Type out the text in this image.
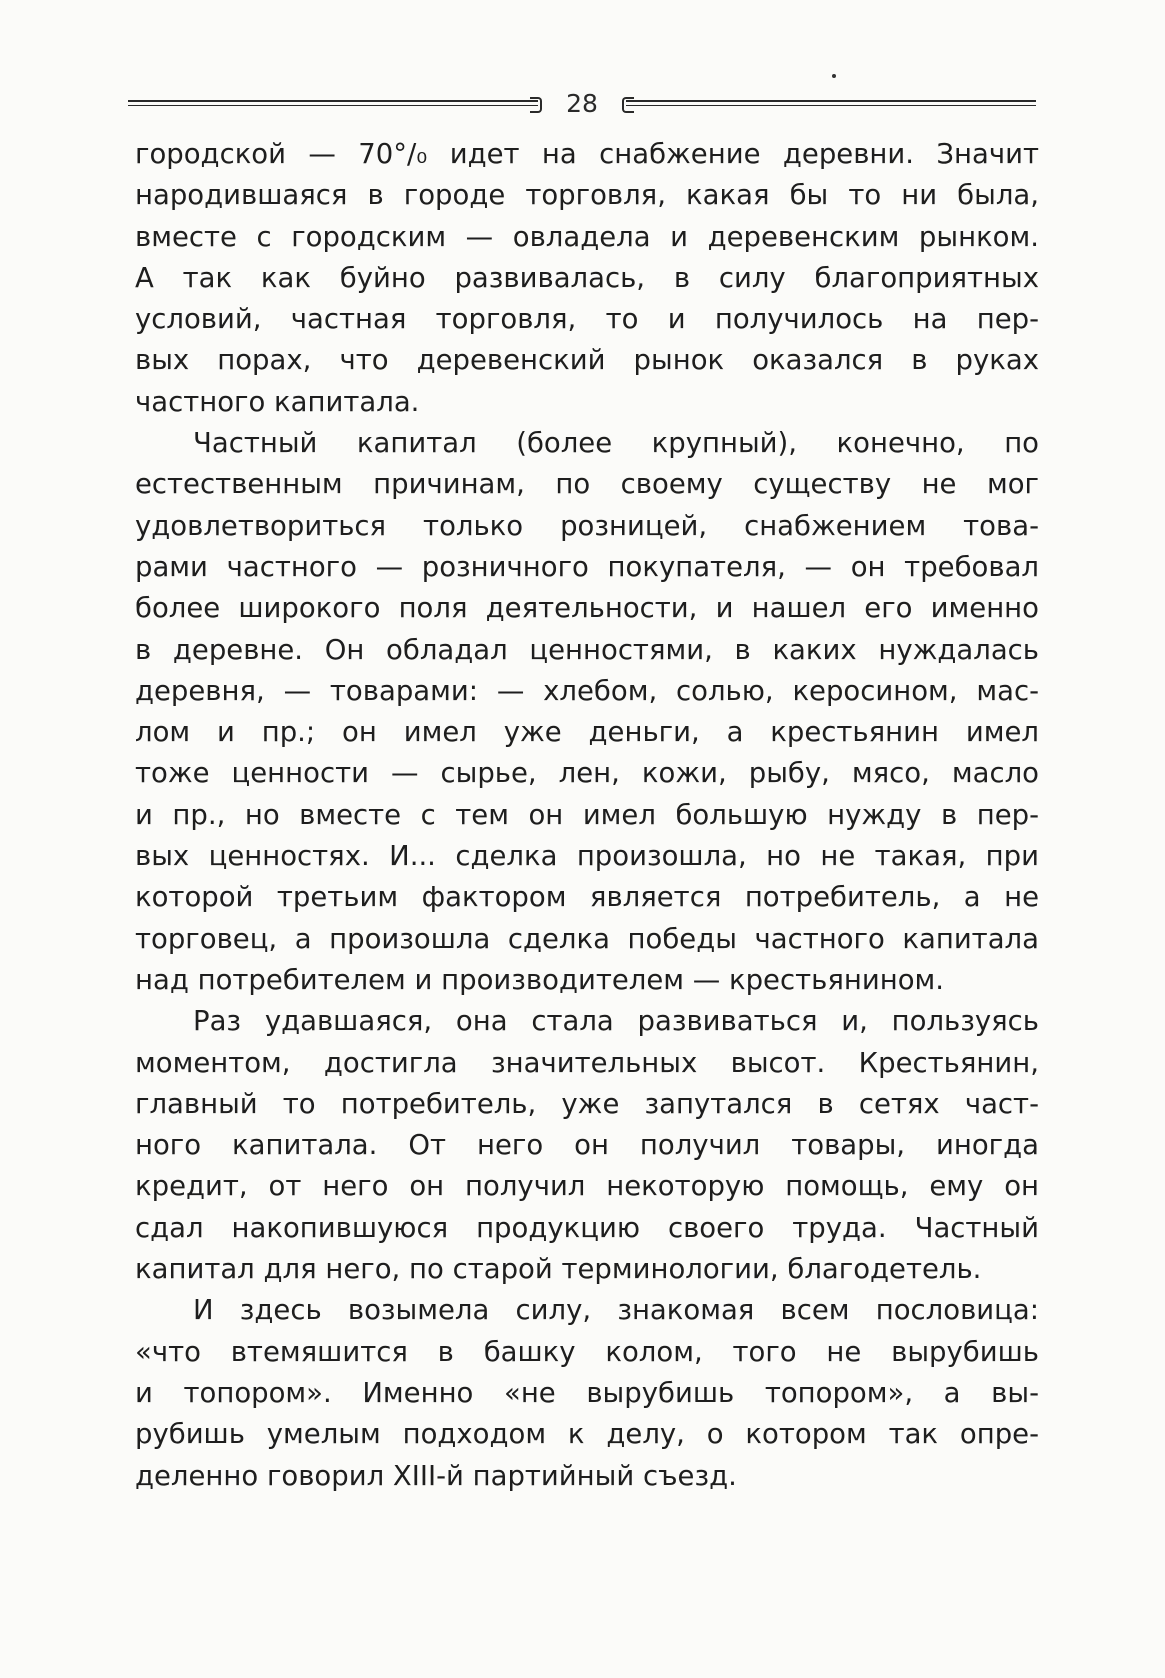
28
городской — 70°/₀ идет на снабжение деревни. Значит
народившаяся в городе торговля, какая бы то ни была,
вместе с городским — овладела и деревенским рынком.
А так как буйно развивалась, в силу благоприятных
условий, частная торговля, то и получилось на пер-
вых порах, что деревенский рынок оказался в руках
частного капитала.
Частный капитал (более крупный), конечно, по
естественным причинам, по своему существу не мог
удовлетвориться только розницей, снабжением това-
рами частного — розничного покупателя, — он требовал
более широкого поля деятельности, и нашел его именно
в деревне. Он обладал ценностями, в каких нуждалась
деревня, — товарами: — хлебом, солью, керосином, мас-
лом и пр.; он имел уже деньги, а крестьянин имел
тоже ценности — сырье, лен, кожи, рыбу, мясо, масло
и пр., но вместе с тем он имел большую нужду в пер-
вых ценностях. И... сделка произошла, но не такая, при
которой третьим фактором является потребитель, а не
торговец, а произошла сделка победы частного капитала
над потребителем и производителем — крестьянином.
Раз удавшаяся, она стала развиваться и, пользуясь
моментом, достигла значительных высот. Крестьянин,
главный то потребитель, уже запутался в сетях част-
ного капитала. От него он получил товары, иногда
кредит, от него он получил некоторую помощь, ему он
сдал накопившуюся продукцию своего труда. Частный
капитал для него, по старой терминологии, благодетель.
И здесь возымела силу, знакомая всем пословица:
«что втемяшится в башку колом, того не вырубишь
и топором». Именно «не вырубишь топором», а вы-
рубишь умелым подходом к делу, о котором так опре-
деленно говорил XIII-й партийный съезд.
